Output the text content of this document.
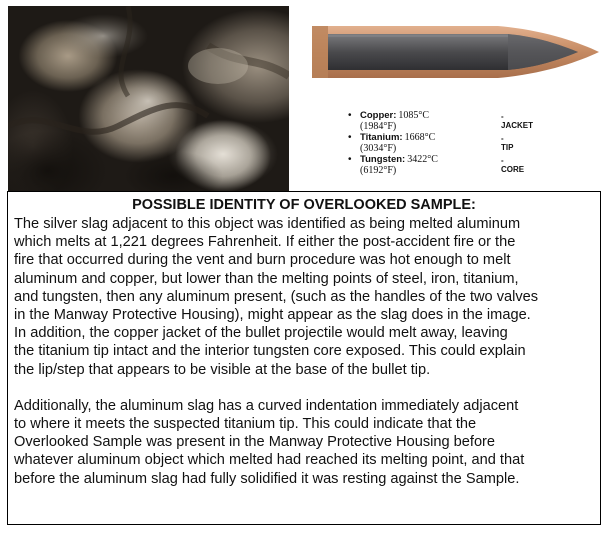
• Copper: 1085°C (1984°F)
- JACKET
• Titanium: 1668°C (3034°F)
- TIP
• Tungsten: 3422°C (6192°F)
- CORE
POSSIBLE IDENTITY OF OVERLOOKED SAMPLE:

The silver slag adjacent to this object was identified as being melted aluminum
which melts at 1,221 degrees Fahrenheit. If either the post-accident fire or the
fire that occurred during the vent and burn procedure was hot enough to melt
aluminum and copper, but lower than the melting points of steel, iron, titanium,
and tungsten, then any aluminum present, (such as the handles of the two valves
in the Manway Protective Housing), might appear as the slag does in the image.
In addition, the copper jacket of the bullet projectile would melt away, leaving
the titanium tip intact and the interior tungsten core exposed. This could explain
the lip/step that appears to be visible at the base of the bullet tip.

Additionally, the aluminum slag has a curved indentation immediately adjacent
to where it meets the suspected titanium tip. This could indicate that the
Overlooked Sample was present in the Manway Protective Housing before
whatever aluminum object which melted had reached its melting point, and that
before the aluminum slag had fully solidified it was resting against the Sample.
